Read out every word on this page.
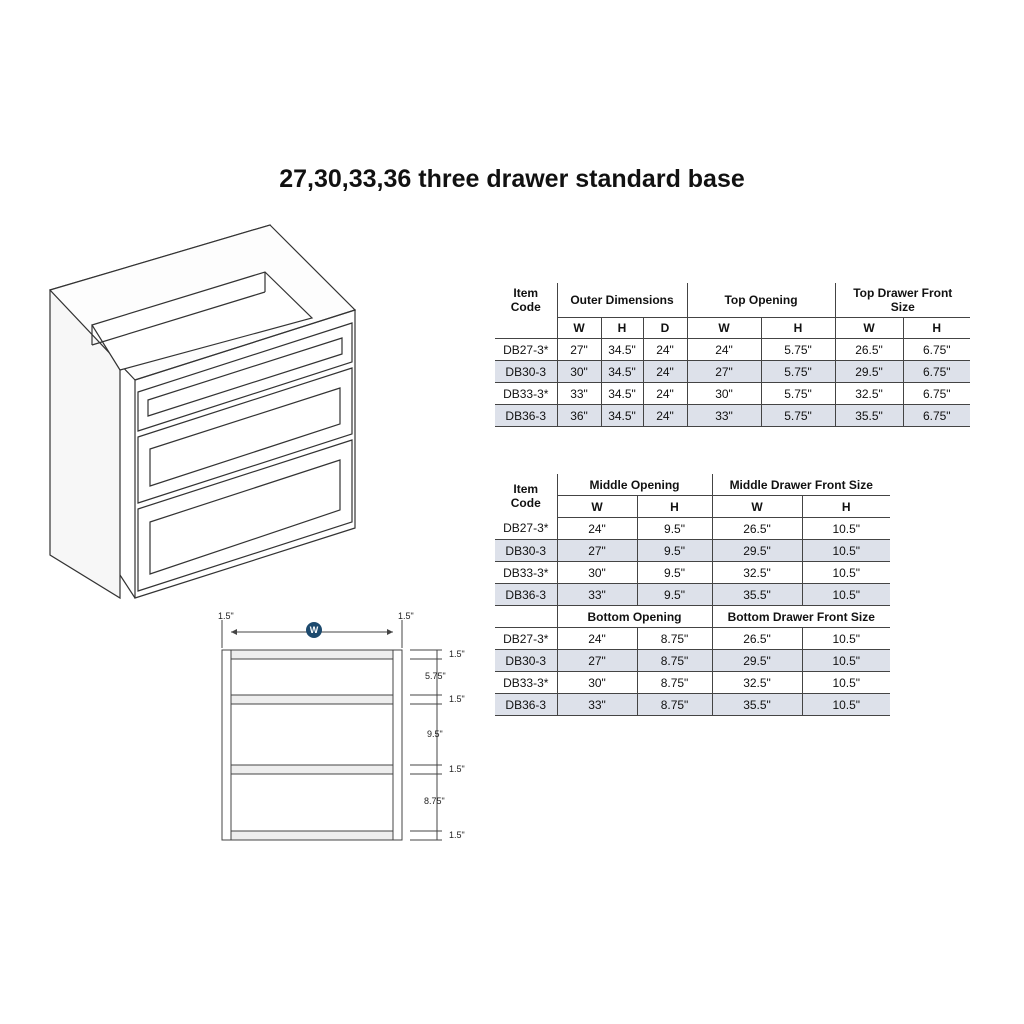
27,30,33,36 three drawer standard base
1.5"	1.5"
W
1.5"
5.75"
1.5"
9.5"
1.5"
8.75"
1.5"
Item
Code	Outer Dimensions			Top Opening		Top Drawer Front
Size	

	W	H	D	W	H	W	H
DB27-3*	27"	34.5"	24"	24"	5.75"	26.5"	6.75"
DB30-3	30"	34.5"	24"	27"	5.75"	29.5"	6.75"
DB33-3*	33"	34.5"	24"	30"	5.75"	32.5"	6.75"
DB36-3	36"	34.5"	24"	33"	5.75"	35.5"	6.75"
Item
Code	Middle Opening		Middle Drawer Front Size	
	W	H	W	H
DB27-3*	24"	9.5"	26.5"	10.5"
DB30-3	27"	9.5"	29.5"	10.5"
DB33-3*	30"	9.5"	32.5"	10.5"
DB36-3	33"	9.5"	35.5"	10.5"
	Bottom Opening		Bottom Drawer Front Size	
DB27-3*	24"	8.75"	26.5"	10.5"
DB30-3	27"	8.75"	29.5"	10.5"
DB33-3*	30"	8.75"	32.5"	10.5"
DB36-3	33"	8.75"	35.5"	10.5"
